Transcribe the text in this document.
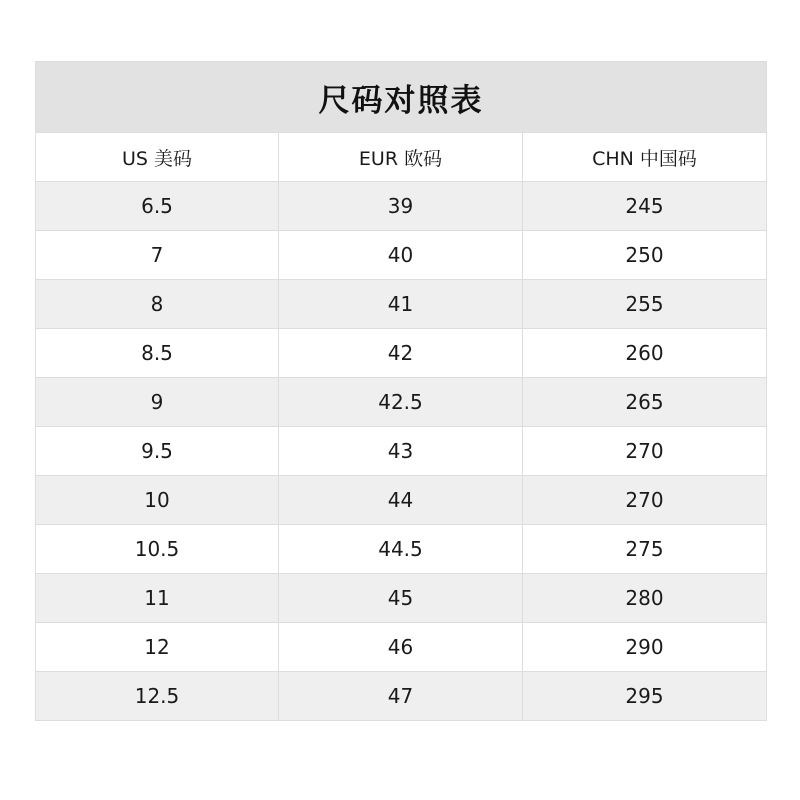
尺码对照表		
US 美码	EUR 欧码	CHN 中国码
6.5	39	245
7	40	250
8	41	255
8.5	42	260
9	42.5	265
9.5	43	270
10	44	270
10.5	44.5	275
11	45	280
12	46	290
12.5	47	295
